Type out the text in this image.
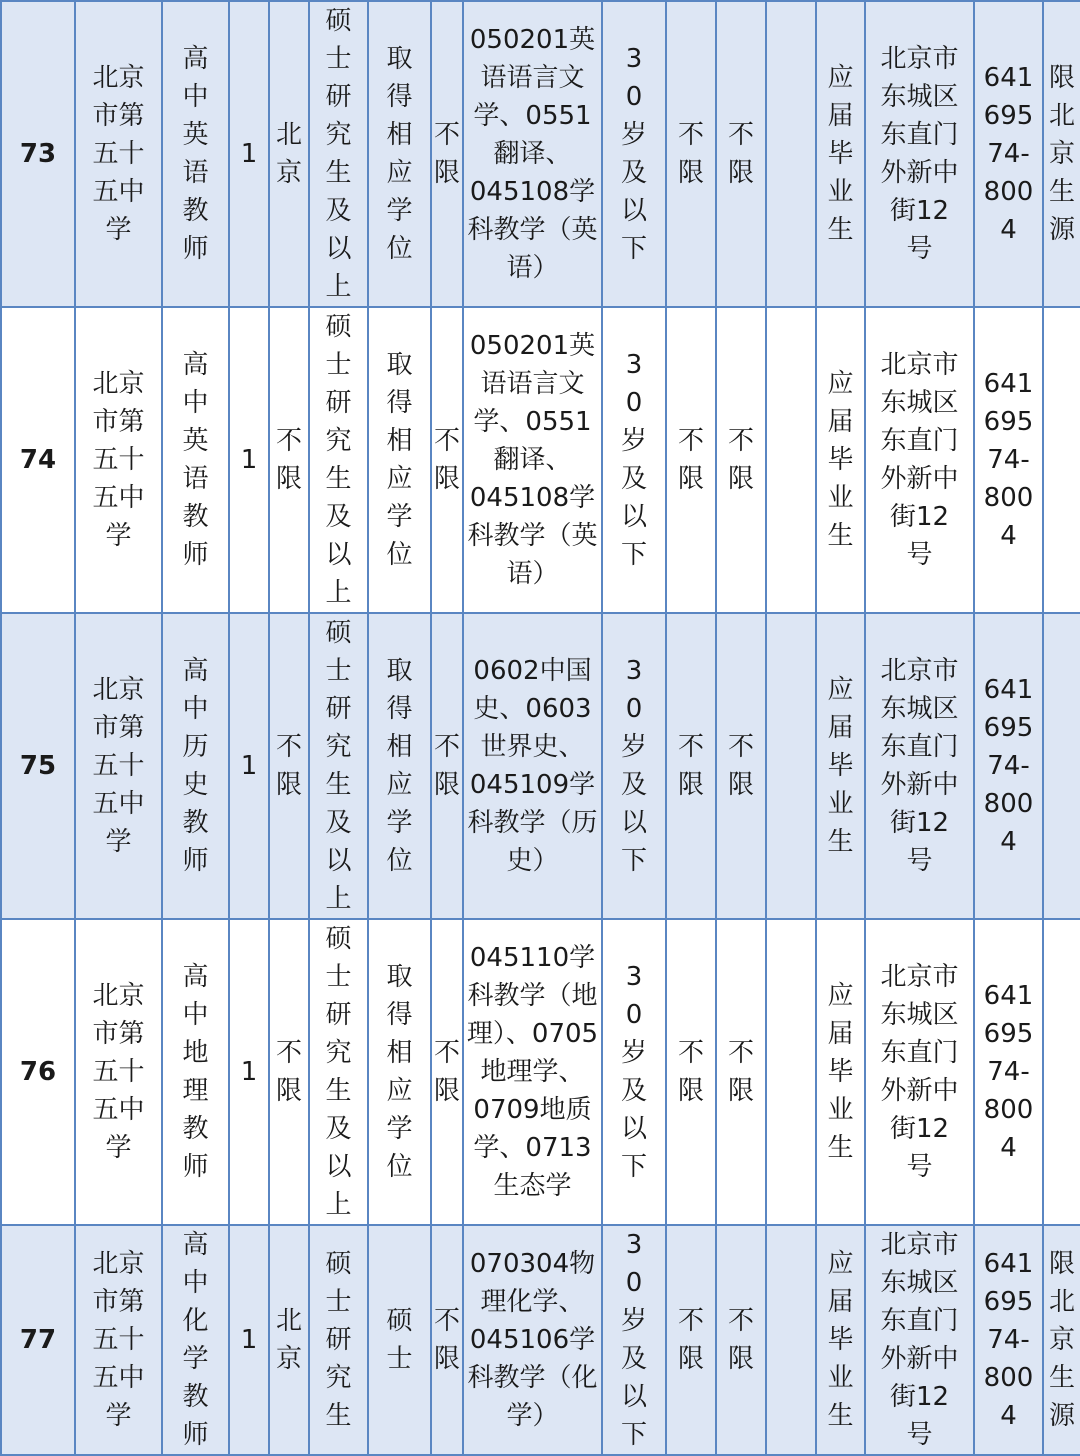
73	北京市第五十五中学	高中英语教师	1	北京	硕士研究生及以上	取得相应学位	不限	050201英语语言文学、0551翻译、045108学科教学（英语）	30岁及以下	不限	不限		应届毕业生	北京市东城区东直门外新中街12号	64169574-8004	限北京生源

74	北京市第五十五中学	高中英语教师	1	不限	硕士研究生及以上	取得相应学位	不限	050201英语语言文学、0551翻译、045108学科教学（英语）	30岁及以下	不限	不限		应届毕业生	北京市东城区东直门外新中街12号	64169574-8004	

75	北京市第五十五中学	高中历史教师	1	不限	硕士研究生及以上	取得相应学位	不限	0602中国史、0603世界史、045109学科教学（历史）	30岁及以下	不限	不限		应届毕业生	北京市东城区东直门外新中街12号	64169574-8004	

76	北京市第五十五中学	高中地理教师	1	不限	硕士研究生及以上	取得相应学位	不限	045110学科教学（地理）、0705地理学、0709地质学、0713生态学	30岁及以下	不限	不限		应届毕业生	北京市东城区东直门外新中街12号	64169574-8004	

77	北京市第五十五中学	高中化学教师	1	北京	硕士研究生	硕士	不限	070304物理化学、045106学科教学（化学）	30岁及以下	不限	不限		应届毕业生	北京市东城区东直门外新中街12号	64169574-8004	限北京生源
